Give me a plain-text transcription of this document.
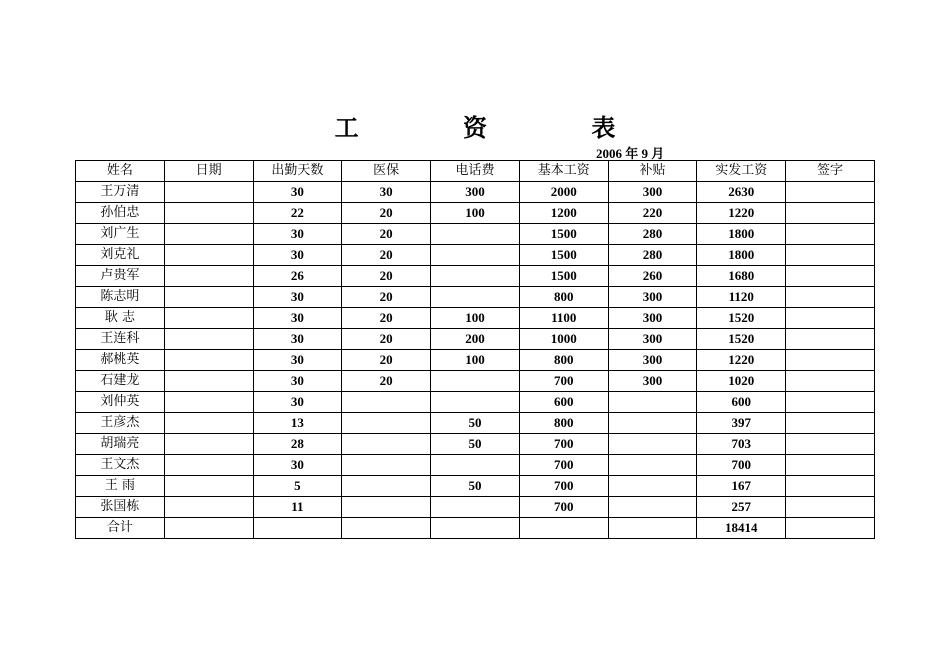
工 资 表
2006 年 9 月
姓名	日期	出勤天数	医保	电话费	基本工资	补贴	实发工资	签字
王万清		30	30	300	2000	300	2630	
孙伯忠		22	20	100	1200	220	1220	
刘广生		30	20		1500	280	1800	
刘克礼		30	20		1500	280	1800	
卢贵军		26	20		1500	260	1680	
陈志明		30	20		800	300	1120	
耿 志		30	20	100	1100	300	1520	
王连科		30	20	200	1000	300	1520	
郝桃英		30	20	100	800	300	1220	
石建龙		30	20		700	300	1020	
刘仲英		30			600		600	
王彦杰		13		50	800		397	
胡瑞亮		28		50	700		703	
王文杰		30			700		700	
王 雨		5		50	700		167	
张国栋		11			700		257	
合计							18414	
